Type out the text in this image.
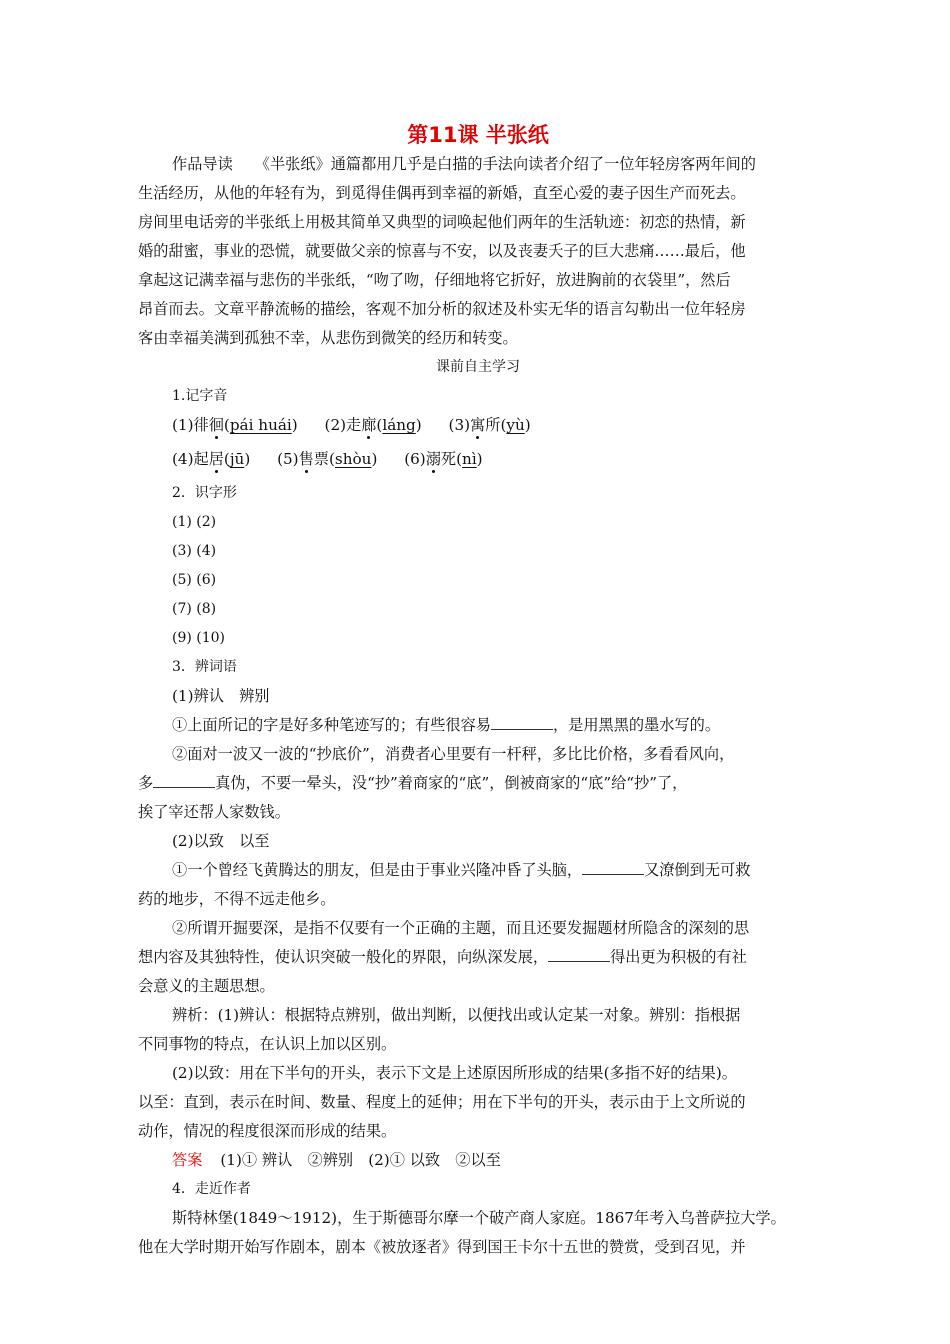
第11课 半张纸

作品导读 《半张纸》通篇都用几乎是白描的手法向读者介绍了一位年轻房客两年间的

生活经历，从他的年轻有为，到觅得佳偶再到幸福的新婚，直至心爱的妻子因生产而死去。

房间里电话旁的半张纸上用极其简单又典型的词唤起他们两年的生活轨迹：初恋的热情，新

婚的甜蜜，事业的恐慌，就要做父亲的惊喜与不安，以及丧妻夭子的巨大悲痛……最后，他

拿起这记满幸福与悲伤的半张纸，“吻了吻，仔细地将它折好，放进胸前的衣袋里”，然后

昂首而去。文章平静流畅的描绘，客观不加分析的叙述及朴实无华的语言勾勒出一位年轻房

客由幸福美满到孤独不幸，从悲伤到微笑的经历和转变。

课前自主学习

1.记字音

(1)徘徊(pái huái) (2)走廊(láng) (3)寓所(yù)

(4)起居(jū) (5)售票(shòu) (6)溺死(nì)

2．识字形

(1) (2)

(3) (4)

(5) (6)

(7) (8)

(9) (10)

3．辨词语

(1)辨认　辨别

①上面所记的字是好多种笔迹写的；有些很容易	，是用黑黑的墨水写的。

②面对一波又一波的“抄底价”，消费者心里要有一杆秤，多比比价格，多看看风向，

多	真伪，不要一晕头，没“抄”着商家的“底”，倒被商家的“底”给“抄”了，

挨了宰还帮人家数钱。

(2)以致　以至

①一个曾经飞黄腾达的朋友，但是由于事业兴隆冲昏了头脑，	又潦倒到无可救

药的地步，不得不远走他乡。

②所谓开掘要深，是指不仅要有一个正确的主题，而且还要发掘题材所隐含的深刻的思

想内容及其独特性，使认识突破一般化的界限，向纵深发展，	得出更为积极的有社

会意义的主题思想。

辨析：(1)辨认：根据特点辨别，做出判断，以便找出或认定某一对象。辨别：指根据

不同事物的特点，在认识上加以区别。

(2)以致：用在下半句的开头，表示下文是上述原因所形成的结果(多指不好的结果)。

以至：直到，表示在时间、数量、程度上的延伸；用在下半句的开头，表示由于上文所说的

动作，情况的程度很深而形成的结果。

答案 (1)① 辨认　②辨别　(2)① 以致　②以至

4．走近作者

斯特林堡(1849～1912)，生于斯德哥尔摩一个破产商人家庭。1867年考入乌普萨拉大学。

他在大学时期开始写作剧本，剧本《被放逐者》得到国王卡尔十五世的赞赏，受到召见，并
